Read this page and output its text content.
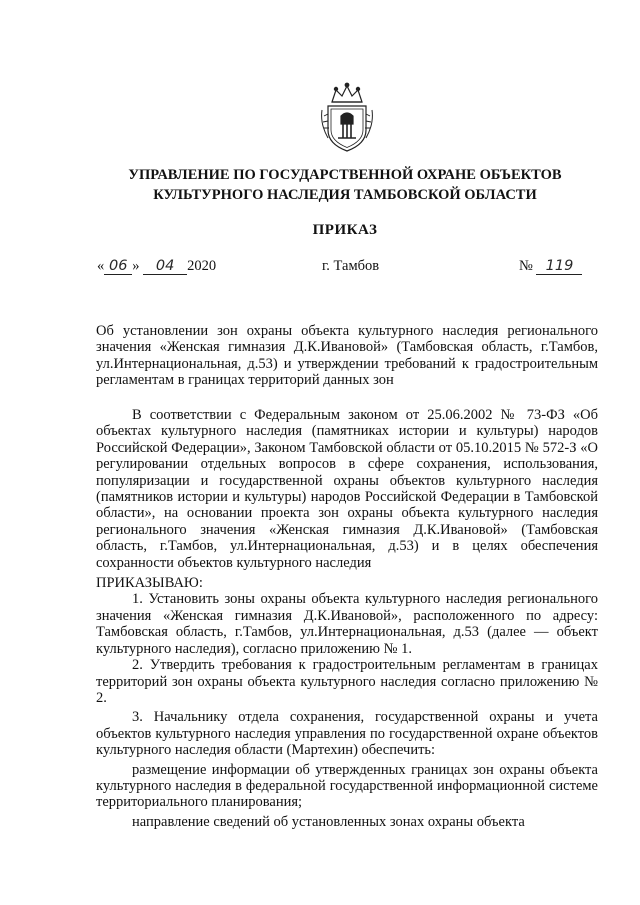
УПРАВЛЕНИЕ ПО ГОСУДАРСТВЕННОЙ ОХРАНЕ ОБЪЕКТОВ
КУЛЬТУРНОГО НАСЛЕДИЯ ТАМБОВСКОЙ ОБЛАСТИ
ПРИКАЗ
« 06 » 04 2020	г. Тамбов	№ 119
Об установлении зон охраны объекта культурного наследия регионального значения «Женская гимназия Д.К.Ивановой» (Тамбовская область, г.Тамбов, ул.Интернациональная, д.53) и утверждении требований к градостроительным регламентам в границах территорий данных зон

В соответствии с Федеральным законом от 25.06.2002 № 73-ФЗ «Об объектах культурного наследия (памятниках истории и культуры) народов Российской Федерации», Законом Тамбовской области от 05.10.2015 № 572-З «О регулировании отдельных вопросов в сфере сохранения, использования, популяризации и государственной охраны объектов культурного наследия (памятников истории и культуры) народов Российской Федерации в Тамбовской области», на основании проекта зон охраны объекта культурного наследия регионального значения «Женская гимназия Д.К.Ивановой» (Тамбовская область, г.Тамбов, ул.Интернациональная, д.53) и в целях обеспечения сохранности объектов культурного наследия

ПРИКАЗЫВАЮ:

1. Установить зоны охраны объекта культурного наследия регионального значения «Женская гимназия Д.К.Ивановой», расположенного по адресу: Тамбовская область, г.Тамбов, ул.Интернациональная, д.53 (далее — объект культурного наследия), согласно приложению № 1.

2. Утвердить требования к градостроительным регламентам в границах территорий зон охраны объекта культурного наследия согласно приложению № 2.

3. Начальнику отдела сохранения, государственной охраны и учета объектов культурного наследия управления по государственной охране объектов культурного наследия области (Мартехин) обеспечить:

размещение информации об утвержденных границах зон охраны объекта культурного наследия в федеральной государственной информационной системе территориального планирования;

направление сведений об установленных зонах охраны объекта
